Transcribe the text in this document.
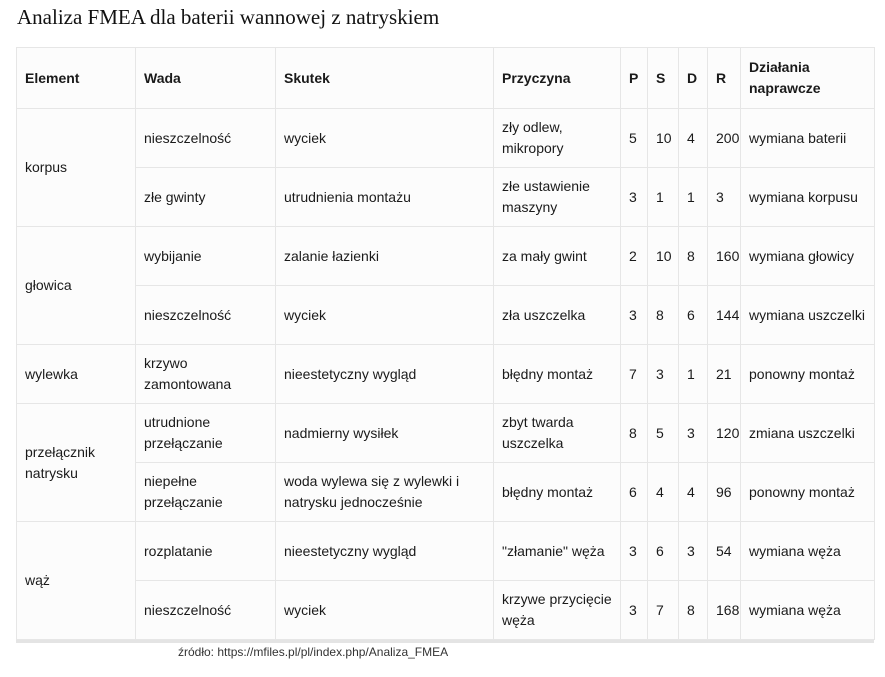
Analiza FMEA dla baterii wannowej z natryskiem
Element	Wada	Skutek	Przyczyna	P	S	D	R	Działania naprawcze
korpus	nieszczelność	wyciek	zły odlew, mikropory	5	10	4	200	wymiana baterii
	złe gwinty	utrudnienia montażu	złe ustawienie maszyny	3	1	1	3	wymiana korpusu
głowica	wybijanie	zalanie łazienki	za mały gwint	2	10	8	160	wymiana głowicy
	nieszczelność	wyciek	zła uszczelka	3	8	6	144	wymiana uszczelki
wylewka	krzywo zamontowana	nieestetyczny wygląd	błędny montaż	7	3	1	21	ponowny montaż
przełącznik natrysku	utrudnione przełączanie	nadmierny wysiłek	zbyt twarda uszczelka	8	5	3	120	zmiana uszczelki
	niepełne przełączanie	woda wylewa się z wylewki i natrysku jednocześnie	błędny montaż	6	4	4	96	ponowny montaż
wąż	rozplatanie	nieestetyczny wygląd	"złamanie" węża	3	6	3	54	wymiana węża
	nieszczelność	wyciek	krzywe przycięcie węża	3	7	8	168	wymiana węża
źródło: https://mfiles.pl/pl/index.php/Analiza_FMEA
